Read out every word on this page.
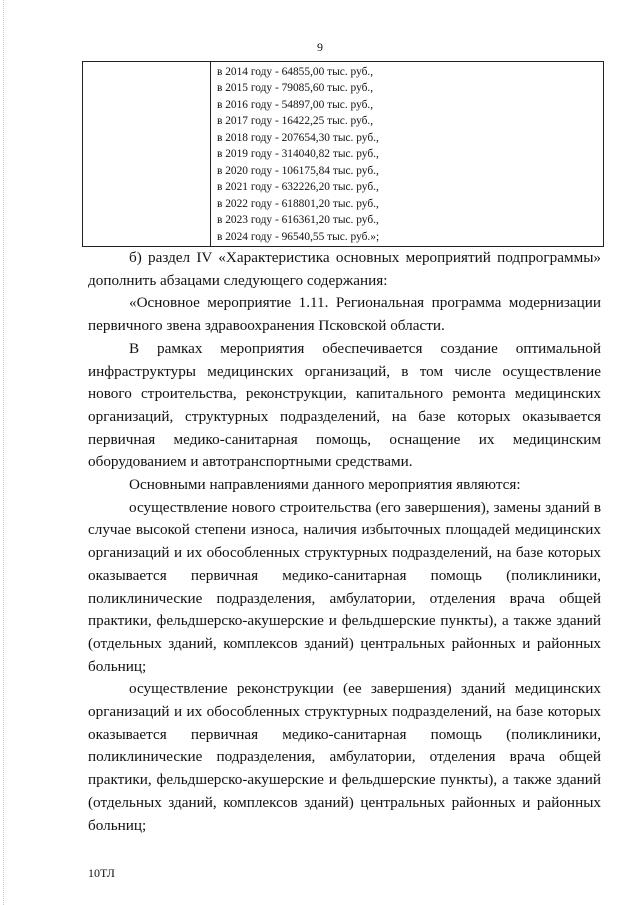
9

в 2014 году - 64855,00 тыс. руб.,
в 2015 году - 79085,60 тыс. руб.,
в 2016 году - 54897,00 тыс. руб.,
в 2017 году - 16422,25 тыс. руб.,
в 2018 году - 207654,30 тыс. руб.,
в 2019 году - 314040,82 тыс. руб.,
в 2020 году - 106175,84 тыс. руб.,
в 2021 году - 632226,20 тыс. руб.,
в 2022 году - 618801,20 тыс. руб.,
в 2023 году - 616361,20 тыс. руб.,
в 2024 году - 96540,55 тыс. руб.»;

б) раздел IV «Характеристика основных мероприятий подпрограммы» дополнить абзацами следующего содержания:

«Основное мероприятие 1.11. Региональная программа модернизации первичного звена здравоохранения Псковской области.

В рамках мероприятия обеспечивается создание оптимальной инфраструктуры медицинских организаций, в том числе осуществление нового строительства, реконструкции, капитального ремонта медицинских организаций, структурных подразделений, на базе которых оказывается первичная медико-санитарная помощь, оснащение их медицинским оборудованием и автотранспортными средствами.

Основными направлениями данного мероприятия являются:

осуществление нового строительства (его завершения), замены зданий в случае высокой степени износа, наличия избыточных площадей медицинских организаций и их обособленных структурных подразделений, на базе которых оказывается первичная медико-санитарная помощь (поликлиники, поликлинические подразделения, амбулатории, отделения врача общей практики, фельдшерско-акушерские и фельдшерские пункты), а также зданий (отдельных зданий, комплексов зданий) центральных районных и районных больниц;

осуществление реконструкции (ее завершения) зданий медицинских организаций и их обособленных структурных подразделений, на базе которых оказывается первичная медико-санитарная помощь (поликлиники, поликлинические подразделения, амбулатории, отделения врача общей практики, фельдшерско-акушерские и фельдшерские пункты), а также зданий (отдельных зданий, комплексов зданий) центральных районных и районных больниц;

10ТЛ
